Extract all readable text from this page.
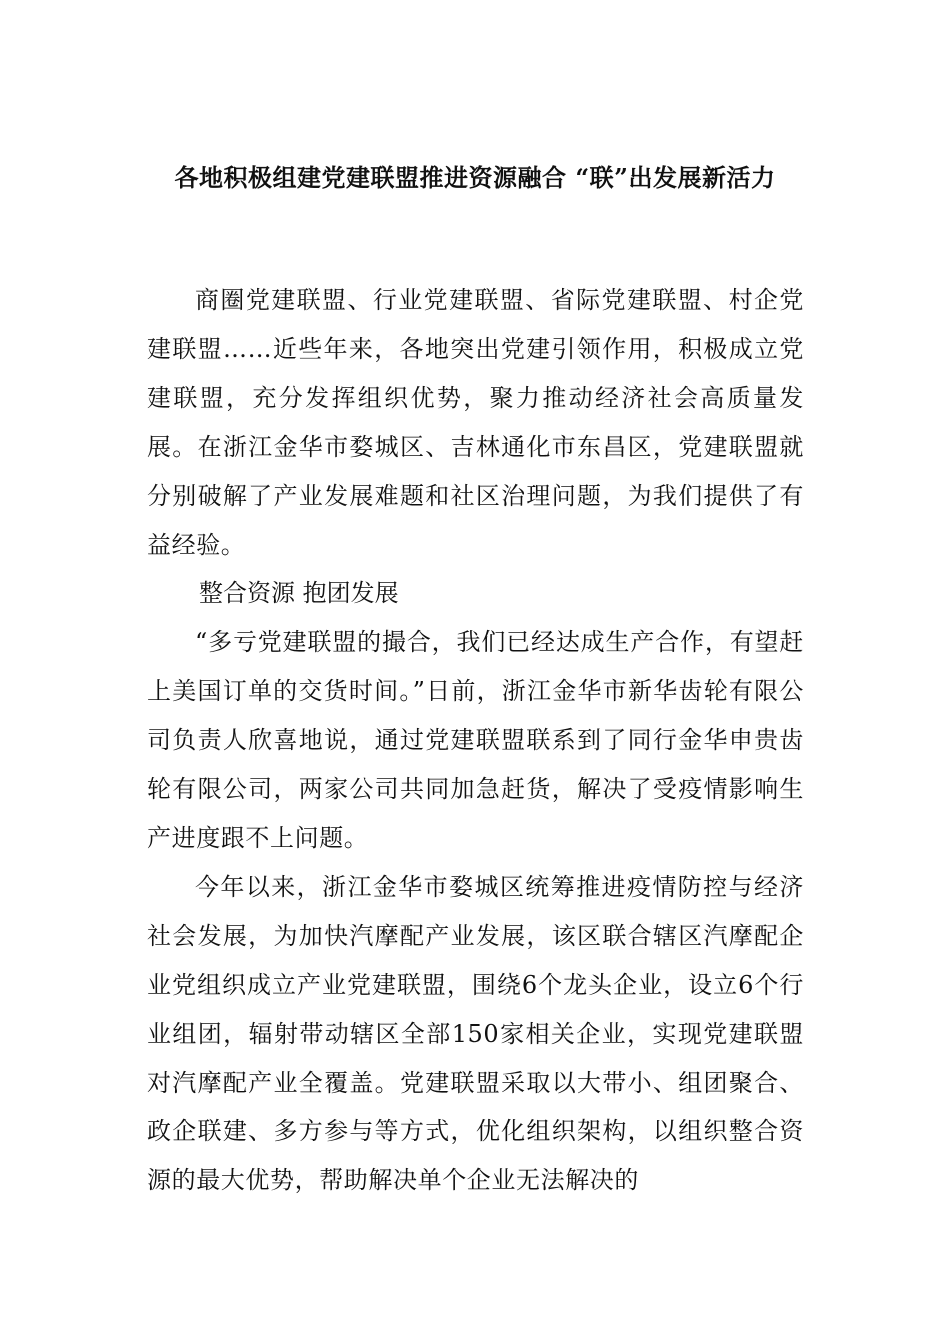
各地积极组建党建联盟推进资源融合 “联”出发展新活力

商圈党建联盟、行业党建联盟、省际党建联盟、村企党建联盟……近些年来，各地突出党建引领作用，积极成立党建联盟，充分发挥组织优势，聚力推动经济社会高质量发展。在浙江金华市婺城区、吉林通化市东昌区，党建联盟就分别破解了产业发展难题和社区治理问题，为我们提供了有益经验。

整合资源 抱团发展

“多亏党建联盟的撮合，我们已经达成生产合作，有望赶上美国订单的交货时间。”日前，浙江金华市新华齿轮有限公司负责人欣喜地说，通过党建联盟联系到了同行金华申贵齿轮有限公司，两家公司共同加急赶货，解决了受疫情影响生产进度跟不上问题。

今年以来，浙江金华市婺城区统筹推进疫情防控与经济社会发展，为加快汽摩配产业发展，该区联合辖区汽摩配企业党组织成立产业党建联盟，围绕6个龙头企业，设立6个行业组团，辐射带动辖区全部150家相关企业，实现党建联盟对汽摩配产业全覆盖。党建联盟采取以大带小、组团聚合、政企联建、多方参与等方式，优化组织架构，以组织整合资源的最大优势，帮助解决单个企业无法解决的
